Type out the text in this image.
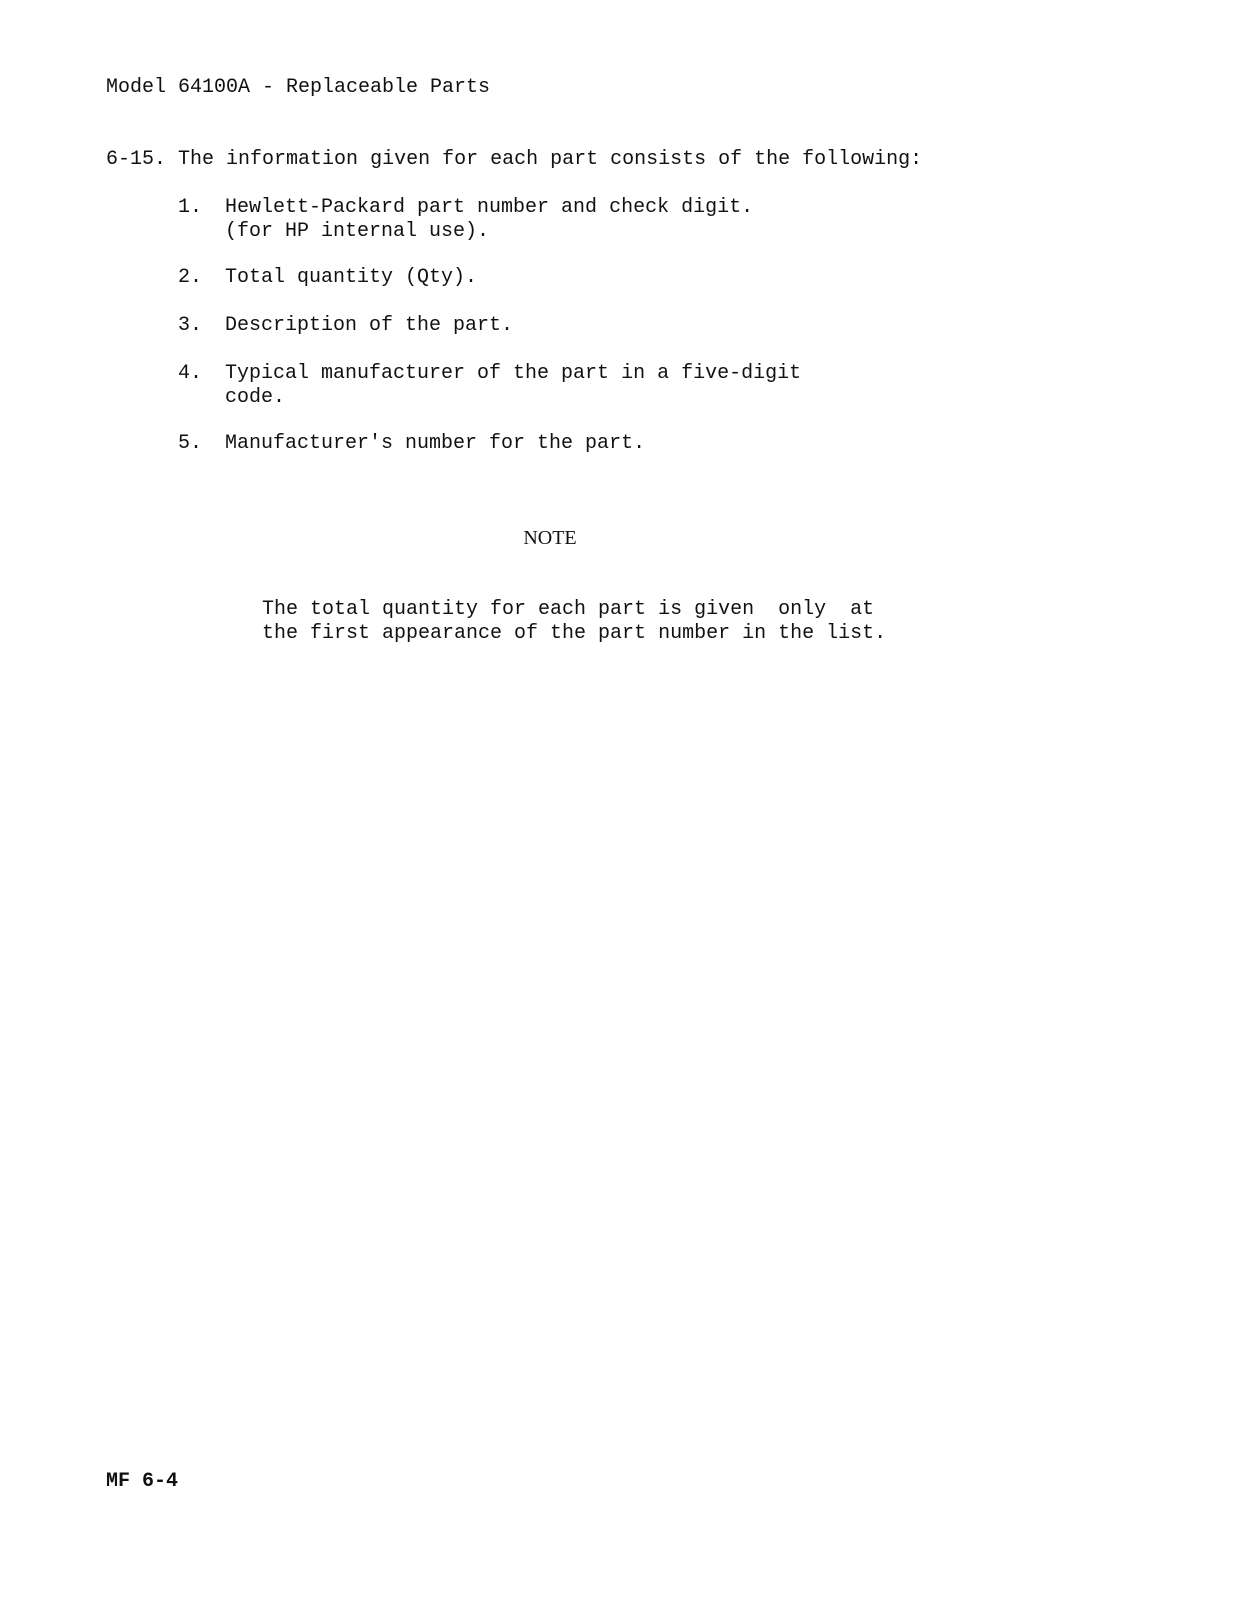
Model 64100A - Replaceable Parts
6-15. The information given for each part consists of the following:
1. Hewlett-Packard part number and check digit.
(for HP internal use).
2. Total quantity (Qty).
3. Description of the part.
4. Typical manufacturer of the part in a five-digit
code.
5. Manufacturer's number for the part.
NOTE
The total quantity for each part is given  only  at
the first appearance of the part number in the list.
MF 6-4
